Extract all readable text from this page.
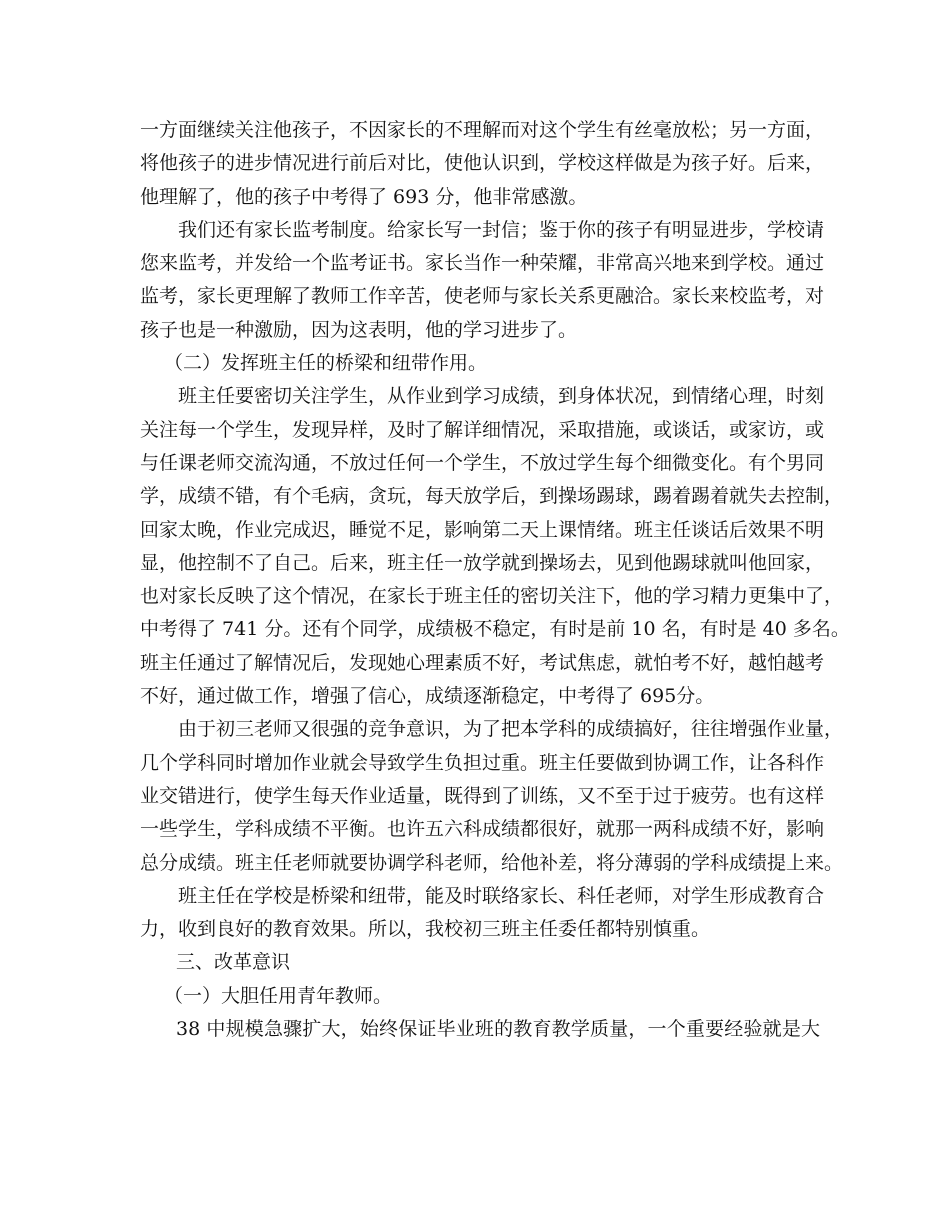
一方面继续关注他孩子，不因家长的不理解而对这个学生有丝毫放松；另一方面，
将他孩子的进步情况进行前后对比，使他认识到，学校这样做是为孩子好。后来，
他理解了，他的孩子中考得了 693 分，他非常感激。
我们还有家长监考制度。给家长写一封信；鉴于你的孩子有明显进步，学校请
您来监考，并发给一个监考证书。家长当作一种荣耀，非常高兴地来到学校。通过
监考，家长更理解了教师工作辛苦，使老师与家长关系更融洽。家长来校监考，对
孩子也是一种激励，因为这表明，他的学习进步了。
（二）发挥班主任的桥梁和纽带作用。
班主任要密切关注学生，从作业到学习成绩，到身体状况，到情绪心理，时刻
关注每一个学生，发现异样，及时了解详细情况，采取措施，或谈话，或家访，或
与任课老师交流沟通，不放过任何一个学生，不放过学生每个细微变化。有个男同
学，成绩不错，有个毛病，贪玩，每天放学后，到操场踢球，踢着踢着就失去控制，
回家太晚，作业完成迟，睡觉不足，影响第二天上课情绪。班主任谈话后效果不明
显，他控制不了自己。后来，班主任一放学就到操场去，见到他踢球就叫他回家，
也对家长反映了这个情况，在家长于班主任的密切关注下，他的学习精力更集中了，
中考得了 741 分。还有个同学，成绩极不稳定，有时是前 10 名，有时是 40 多名。
班主任通过了解情况后，发现她心理素质不好，考试焦虑，就怕考不好，越怕越考
不好，通过做工作，增强了信心，成绩逐渐稳定，中考得了 695分。
由于初三老师又很强的竞争意识，为了把本学科的成绩搞好，往往增强作业量，
几个学科同时增加作业就会导致学生负担过重。班主任要做到协调工作，让各科作
业交错进行，使学生每天作业适量，既得到了训练，又不至于过于疲劳。也有这样
一些学生，学科成绩不平衡。也许五六科成绩都很好，就那一两科成绩不好，影响
总分成绩。班主任老师就要协调学科老师，给他补差，将分薄弱的学科成绩提上来。
班主任在学校是桥梁和纽带，能及时联络家长、科任老师，对学生形成教育合
力，收到良好的教育效果。所以，我校初三班主任委任都特别慎重。
三、改革意识
（一）大胆任用青年教师。
38 中规模急骤扩大，始终保证毕业班的教育教学质量，一个重要经验就是大
